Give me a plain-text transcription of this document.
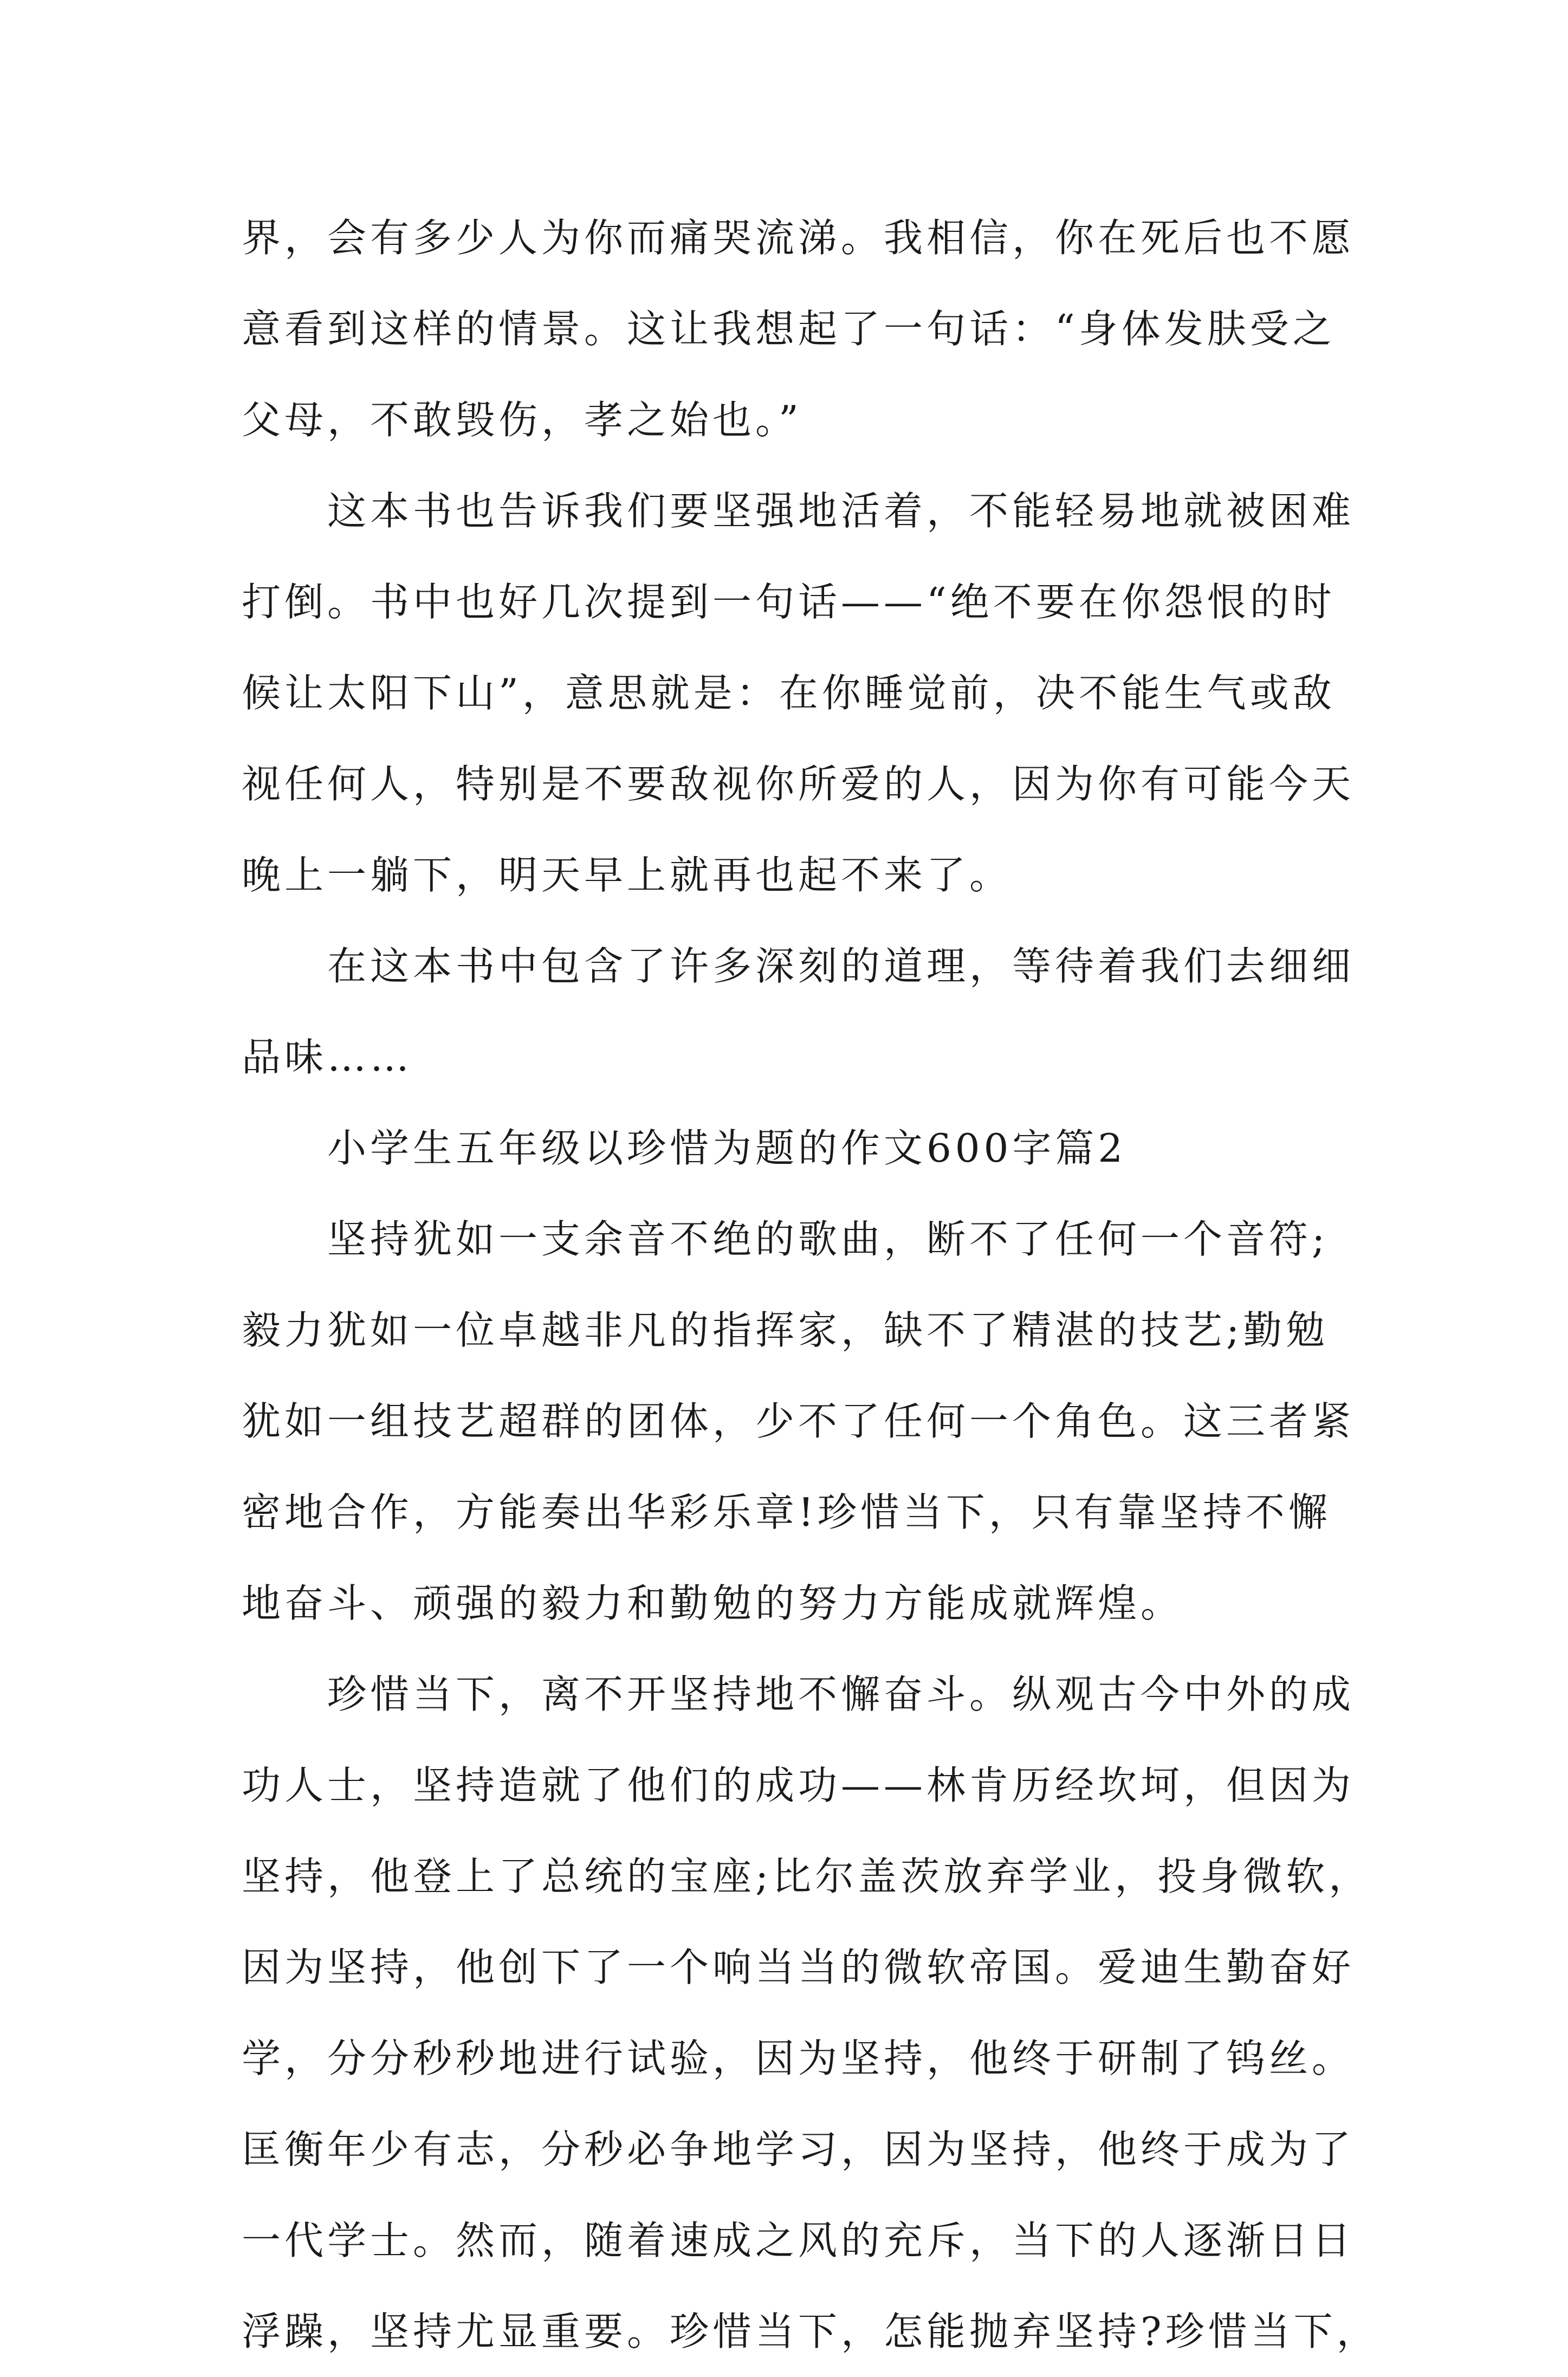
界，会有多少人为你而痛哭流涕。我相信，你在死后也不愿
意看到这样的情景。这让我想起了一句话：“身体发肤受之
父母，不敢毁伤，孝之始也。”
这本书也告诉我们要坚强地活着，不能轻易地就被困难
打倒。书中也好几次提到一句话——“绝不要在你怨恨的时
候让太阳下山”，意思就是：在你睡觉前，决不能生气或敌
视任何人，特别是不要敌视你所爱的人，因为你有可能今天
晚上一躺下，明天早上就再也起不来了。
在这本书中包含了许多深刻的道理，等待着我们去细细
品味……
小学生五年级以珍惜为题的作文600字篇2
坚持犹如一支余音不绝的歌曲，断不了任何一个音符;
毅力犹如一位卓越非凡的指挥家，缺不了精湛的技艺;勤勉
犹如一组技艺超群的团体，少不了任何一个角色。这三者紧
密地合作，方能奏出华彩乐章!珍惜当下，只有靠坚持不懈
地奋斗、顽强的毅力和勤勉的努力方能成就辉煌。
珍惜当下，离不开坚持地不懈奋斗。纵观古今中外的成
功人士，坚持造就了他们的成功——林肯历经坎坷，但因为
坚持，他登上了总统的宝座;比尔盖茨放弃学业，投身微软，
因为坚持，他创下了一个响当当的微软帝国。爱迪生勤奋好
学，分分秒秒地进行试验，因为坚持，他终于研制了钨丝。
匡衡年少有志，分秒必争地学习，因为坚持，他终于成为了
一代学士。然而，随着速成之风的充斥，当下的人逐渐日日
浮躁，坚持尤显重要。珍惜当下，怎能抛弃坚持?珍惜当下，
